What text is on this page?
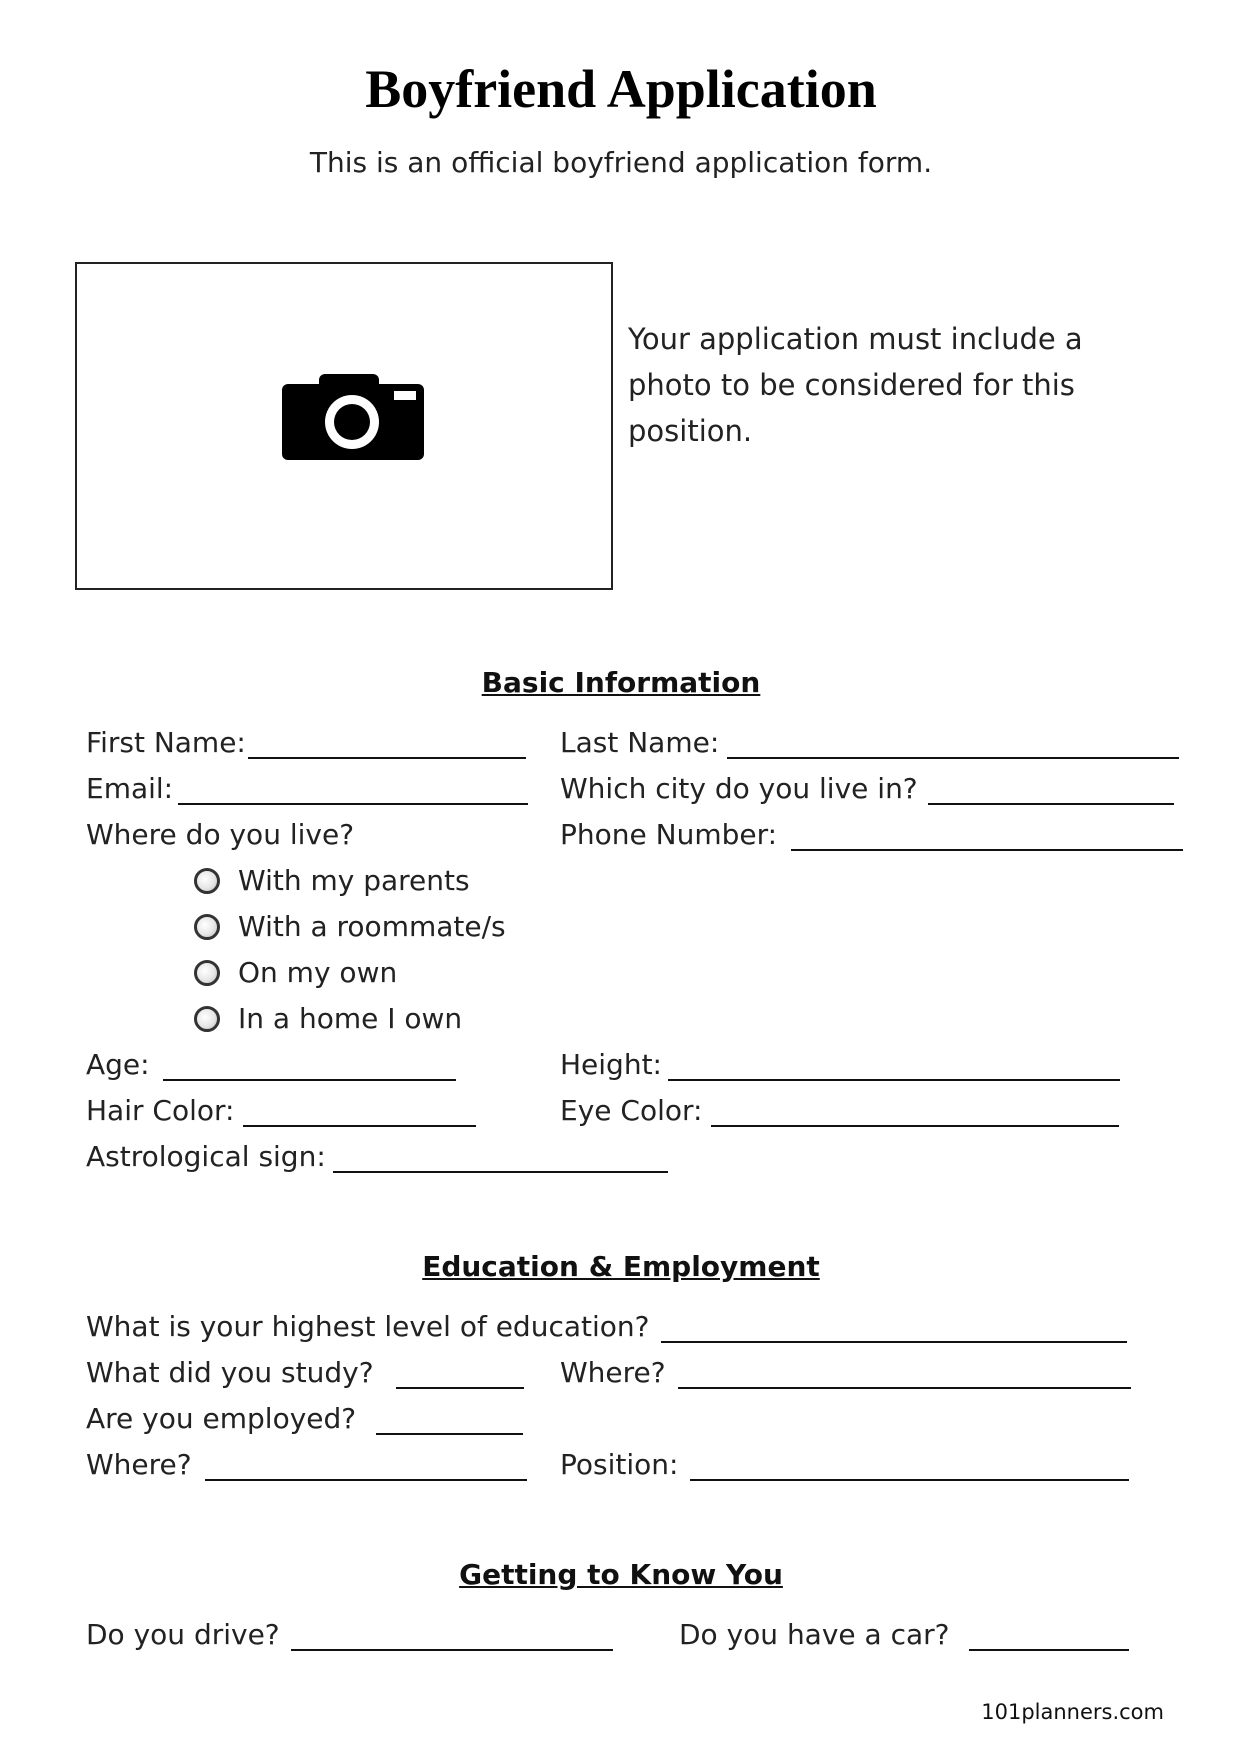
Boyfriend Application
This is an official boyfriend application form.
Your application must include a photo to be considered for this position.
Basic Information
First Name:	Last Name:
Email:	Which city do you live in?
Where do you live?	Phone Number:
With my parents
With a roommate/s
On my own
In a home I own
Age:	Height:
Hair Color:	Eye Color:
Astrological sign:
Education & Employment
What is your highest level of education?
What did you study?	Where?
Are you employed?
Where?	Position:
Getting to Know You
Do you drive?	Do you have a car?
101planners.com
